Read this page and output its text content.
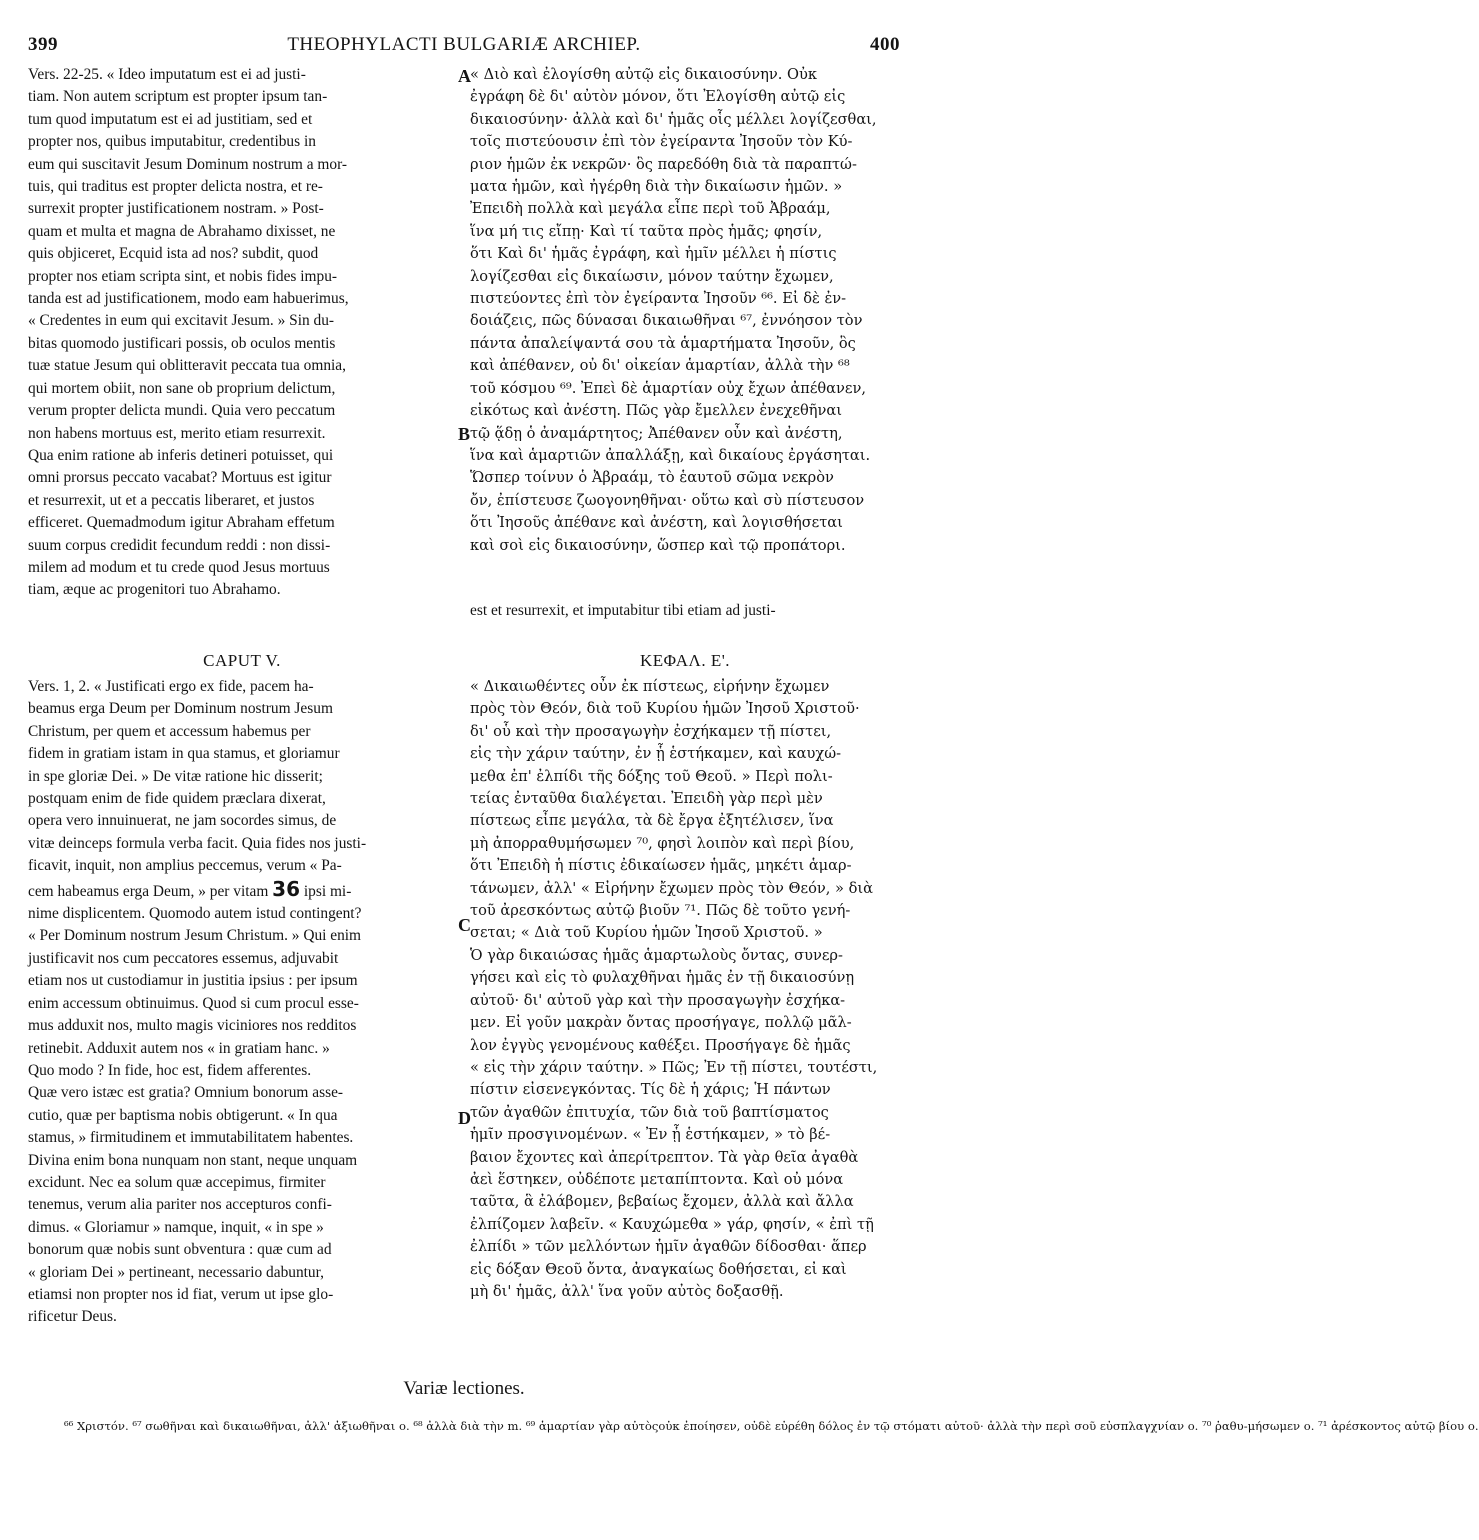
399	THEOPHYLACTI BULGARIÆ ARCHIEP.	400
A
B
C
D
Vers. 22-25. « Ideo imputatum est ei ad justi-
tiam. Non autem scriptum est propter ipsum tan-
tum quod imputatum est ei ad justitiam, sed et
propter nos, quibus imputabitur, credentibus in
eum qui suscitavit Jesum Dominum nostrum a mor-
tuis, qui traditus est propter delicta nostra, et re-
surrexit propter justificationem nostram. » Post-
quam et multa et magna de Abrahamo dixisset, ne
quis objiceret, Ecquid ista ad nos? subdit, quod
propter nos etiam scripta sint, et nobis fides impu-
tanda est ad justificationem, modo eam habuerimus,
« Credentes in eum qui excitavit Jesum. » Sin du-
bitas quomodo justificari possis, ob oculos mentis
tuæ statue Jesum qui oblitteravit peccata tua omnia,
qui mortem obiit, non sane ob proprium delictum,
verum propter delicta mundi. Quia vero peccatum
non habens mortuus est, merito etiam resurrexit.
Qua enim ratione ab inferis detineri potuisset, qui
omni prorsus peccato vacabat? Mortuus est igitur
et resurrexit, ut et a peccatis liberaret, et justos
efficeret. Quemadmodum igitur Abraham effetum
suum corpus credidit fecundum reddi : non dissi-
milem ad modum et tu crede quod Jesus mortuus
tiam, æque ac progenitori tuo Abrahamo.
« Διὸ καὶ ἐλογίσθη αὐτῷ εἰς δικαιοσύνην. Οὐκ
ἐγράφη δὲ δι' αὐτὸν μόνον, ὅτι Ἐλογίσθη αὐτῷ εἰς
δικαιοσύνην· ἀλλὰ καὶ δι' ἡμᾶς οἷς μέλλει λογίζεσθαι,
τοῖς πιστεύουσιν ἐπὶ τὸν ἐγείραντα Ἰησοῦν τὸν Κύ-
ριον ἡμῶν ἐκ νεκρῶν· ὃς παρεδόθη διὰ τὰ παραπτώ-
ματα ἡμῶν, καὶ ἠγέρθη διὰ τὴν δικαίωσιν ἡμῶν. »
Ἐπειδὴ πολλὰ καὶ μεγάλα εἶπε περὶ τοῦ Ἀβραάμ,
ἵνα μή τις εἴπῃ· Καὶ τί ταῦτα πρὸς ἡμᾶς; φησίν,
ὅτι Καὶ δι' ἡμᾶς ἐγράφη, καὶ ἡμῖν μέλλει ἡ πίστις
λογίζεσθαι εἰς δικαίωσιν, μόνον ταύτην ἔχωμεν,
πιστεύοντες ἐπὶ τὸν ἐγείραντα Ἰησοῦν ⁶⁶. Εἰ δὲ ἐν-
δοιάζεις, πῶς δύνασαι δικαιωθῆναι ⁶⁷, ἐννόησον τὸν
πάντα ἀπαλείψαντά σου τὰ ἁμαρτήματα Ἰησοῦν, ὃς
καὶ ἀπέθανεν, οὐ δι' οἰκείαν ἁμαρτίαν, ἀλλὰ τὴν ⁶⁸
τοῦ κόσμου ⁶⁹. Ἐπεὶ δὲ ἁμαρτίαν οὐχ ἔχων ἀπέθανεν,
εἰκότως καὶ ἀνέστη. Πῶς γὰρ ἔμελλεν ἐνεχεθῆναι
τῷ ᾅδῃ ὁ ἀναμάρτητος; Ἀπέθανεν οὖν καὶ ἀνέστη,
ἵνα καὶ ἁμαρτιῶν ἀπαλλάξῃ, καὶ δικαίους ἐργάσηται.
Ὥσπερ τοίνυν ὁ Ἀβραάμ, τὸ ἑαυτοῦ σῶμα νεκρὸν
ὄν, ἐπίστευσε ζωογονηθῆναι· οὕτω καὶ σὺ πίστευσον
ὅτι Ἰησοῦς ἀπέθανε καὶ ἀνέστη, καὶ λογισθήσεται
καὶ σοὶ εἰς δικαιοσύνην, ὥσπερ καὶ τῷ προπάτορι.
est et resurrexit, et imputabitur tibi etiam ad justi-
CAPUT V.	ΚΕΦΑΛ. Ε'.
Vers. 1, 2. « Justificati ergo ex fide, pacem ha-
beamus erga Deum per Dominum nostrum Jesum
Christum, per quem et accessum habemus per
fidem in gratiam istam in qua stamus, et gloriamur
in spe gloriæ Dei. » De vitæ ratione hic disserit;
postquam enim de fide quidem præclara dixerat,
opera vero innuinuerat, ne jam socordes simus, de
vitæ deinceps formula verba facit. Quia fides nos justi-
ficavit, inquit, non amplius peccemus, verum « Pa-
cem habeamus erga Deum, » per vitam 36 ipsi mi-
nime displicentem. Quomodo autem istud contingent?
« Per Dominum nostrum Jesum Christum. » Qui enim
justificavit nos cum peccatores essemus, adjuvabit
etiam nos ut custodiamur in justitia ipsius : per ipsum
enim accessum obtinuimus. Quod si cum procul esse-
mus adduxit nos, multo magis viciniores nos redditos
retinebit. Adduxit autem nos « in gratiam hanc. »
Quo modo ? In fide, hoc est, fidem afferentes.
Quæ vero istæc est gratia? Omnium bonorum asse-
cutio, quæ per baptisma nobis obtigerunt. « In qua
stamus, » firmitudinem et immutabilitatem habentes.
Divina enim bona nunquam non stant, neque unquam
excidunt. Nec ea solum quæ accepimus, firmiter
tenemus, verum alia pariter nos accepturos confi-
dimus. « Gloriamur » namque, inquit, « in spe »
bonorum quæ nobis sunt obventura : quæ cum ad
« gloriam Dei » pertineant, necessario dabuntur,
etiamsi non propter nos id fiat, verum ut ipse glo-
rificetur Deus.
« Δικαιωθέντες οὖν ἐκ πίστεως, εἰρήνην ἔχωμεν
πρὸς τὸν Θεόν, διὰ τοῦ Κυρίου ἡμῶν Ἰησοῦ Χριστοῦ·
δι' οὗ καὶ τὴν προσαγωγὴν ἐσχήκαμεν τῇ πίστει,
εἰς τὴν χάριν ταύτην, ἐν ᾗ ἑστήκαμεν, καὶ καυχώ-
μεθα ἐπ' ἐλπίδι τῆς δόξης τοῦ Θεοῦ. » Περὶ πολι-
τείας ἐνταῦθα διαλέγεται. Ἐπειδὴ γὰρ περὶ μὲν
πίστεως εἶπε μεγάλα, τὰ δὲ ἔργα ἐξητέλισεν, ἵνα
μὴ ἀπορραθυμήσωμεν ⁷⁰, φησὶ λοιπὸν καὶ περὶ βίου,
ὅτι Ἐπειδὴ ἡ πίστις ἐδικαίωσεν ἡμᾶς, μηκέτι ἁμαρ-
τάνωμεν, ἀλλ' « Εἰρήνην ἔχωμεν πρὸς τὸν Θεόν, » διὰ
τοῦ ἀρεσκόντως αὐτῷ βιοῦν ⁷¹. Πῶς δὲ τοῦτο γενή-
σεται; « Διὰ τοῦ Κυρίου ἡμῶν Ἰησοῦ Χριστοῦ. »
Ὁ γὰρ δικαιώσας ἡμᾶς ἁμαρτωλοὺς ὄντας, συνερ-
γήσει καὶ εἰς τὸ φυλαχθῆναι ἡμᾶς ἐν τῇ δικαιοσύνῃ
αὐτοῦ· δι' αὐτοῦ γὰρ καὶ τὴν προσαγωγὴν ἐσχήκα-
μεν. Εἰ γοῦν μακρὰν ὄντας προσήγαγε, πολλῷ μᾶλ-
λον ἐγγὺς γενομένους καθέξει. Προσήγαγε δὲ ἡμᾶς
« εἰς τὴν χάριν ταύτην. » Πῶς; Ἐν τῇ πίστει, τουτέστι,
πίστιν εἰσενεγκόντας. Τίς δὲ ἡ χάρις; Ἡ πάντων
τῶν ἀγαθῶν ἐπιτυχία, τῶν διὰ τοῦ βαπτίσματος
ἡμῖν προσγινομένων. « Ἐν ᾗ ἑστήκαμεν, » τὸ βέ-
βαιον ἔχοντες καὶ ἀπερίτρεπτον. Τὰ γὰρ θεῖα ἀγαθὰ
ἀεὶ ἕστηκεν, οὐδέποτε μεταπίπτοντα. Καὶ οὐ μόνα
ταῦτα, ἃ ἐλάβομεν, βεβαίως ἔχομεν, ἀλλὰ καὶ ἄλλα
ἐλπίζομεν λαβεῖν. « Καυχώμεθα » γάρ, φησίν, « ἐπὶ τῇ
ἐλπίδι » τῶν μελλόντων ἡμῖν ἀγαθῶν δίδοσθαι· ἅπερ
εἰς δόξαν Θεοῦ ὄντα, ἀναγκαίως δοθήσεται, εἰ καὶ
μὴ δι' ἡμᾶς, ἀλλ' ἵνα γοῦν αὐτὸς δοξασθῇ.
Variæ lectiones.
⁶⁶ Χριστόν. ⁶⁷ σωθῆναι καὶ δικαιωθῆναι, ἀλλ' ἀξιωθῆναι ο. ⁶⁸ ἀλλὰ διὰ τὴν m. ⁶⁹ ἁμαρτίαν γὰρ αὐτὸςοὐκ ἐποίησεν, οὐδὲ εὑρέθη δόλος ἐν τῷ στόματι αὐτοῦ· ἀλλὰ τὴν περὶ σοῦ εὐσπλαγχνίαν ο. ⁷⁰ ῥαθυ-μήσωμεν ο. ⁷¹ ἀρέσκοντος αὐτῷ βίου ο.
